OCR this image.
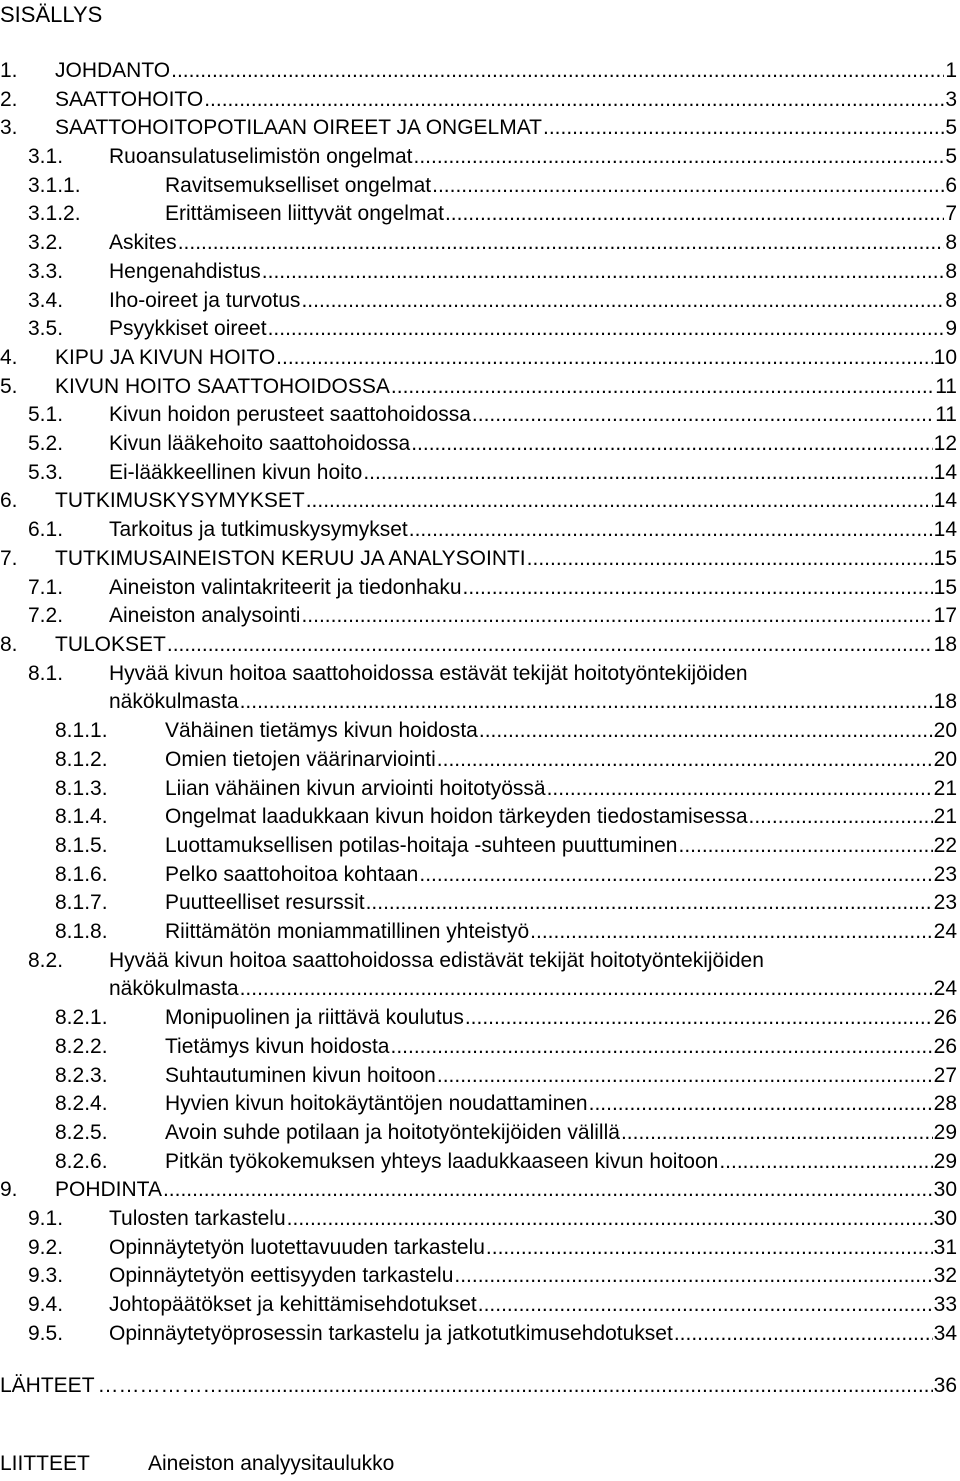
SISÄLLYS
1. JOHDANTO .....	1
2. SAATTOHOITO .....	3
3. SAATTOHOITOPOTILAAN OIREET JA ONGELMAT .....	5
3.1. Ruoansulatuselimistön ongelmat .....	5
3.1.1.	Ravitsemukselliset ongelmat .....	6
3.1.2.	Erittämiseen liittyvät ongelmat .....	7
3.2. Askites .....	8
3.3. Hengenahdistus .....	8
3.4. Iho-oireet ja turvotus .....	8
3.5. Psyykkiset oireet .....	9
4. KIPU JA KIVUN HOITO .....	10
5. KIVUN HOITO SAATTOHOIDOSSA .....	11
5.1. Kivun hoidon perusteet saattohoidossa .....	11
5.2. Kivun lääkehoito saattohoidossa .....	12
5.3. Ei-lääkkeellinen kivun hoito .....	14
6. TUTKIMUSKYSYMYKSET .....	14
6.1. Tarkoitus ja tutkimuskysymykset .....	14
7. TUTKIMUSAINEISTON KERUU JA ANALYSOINTI .....	15
7.1. Aineiston valintakriteerit ja tiedonhaku .....	15
7.2. Aineiston analysointi .....	17
8. TULOKSET .....	18
8.1. Hyvää kivun hoitoa saattohoidossa estävät tekijät hoitotyöntekijöiden
näkökulmasta .....	18
8.1.1.	Vähäinen tietämys kivun hoidosta .....	20
8.1.2.	Omien tietojen väärinarviointi .....	20
8.1.3.	Liian vähäinen kivun arviointi hoitotyössä .....	21
8.1.4.	Ongelmat laadukkaan kivun hoidon tärkeyden tiedostamisessa .....	21
8.1.5.	Luottamuksellisen potilas-hoitaja -suhteen puuttuminen .....	22
8.1.6.	Pelko saattohoitoa kohtaan .....	23
8.1.7.	Puutteelliset resurssit .....	23
8.1.8.	Riittämätön moniammatillinen yhteistyö .....	24
8.2. Hyvää kivun hoitoa saattohoidossa edistävät tekijät hoitotyöntekijöiden
näkökulmasta .....	24
8.2.1.	Monipuolinen ja riittävä koulutus .....	26
8.2.2.	Tietämys kivun hoidosta .....	26
8.2.3.	Suhtautuminen kivun hoitoon .....	27
8.2.4.	Hyvien kivun hoitokäytäntöjen noudattaminen .....	28
8.2.5.	Avoin suhde potilaan ja hoitotyöntekijöiden välillä .....	29
8.2.6.	Pitkän työkokemuksen yhteys laadukkaaseen kivun hoitoon .....	29
9. POHDINTA .....	30
9.1. Tulosten tarkastelu .....	30
9.2. Opinnäytetyön luotettavuuden tarkastelu .....	31
9.3. Opinnäytetyön eettisyyden tarkastelu .....	32
9.4. Johtopäätökset ja kehittämisehdotukset .....	33
9.5. Opinnäytetyöprosessin tarkastelu ja jatkotutkimusehdotukset .....	34
LÄHTEET ……………… .....	36
LIITTEET	Aineiston analyysitaulukko
